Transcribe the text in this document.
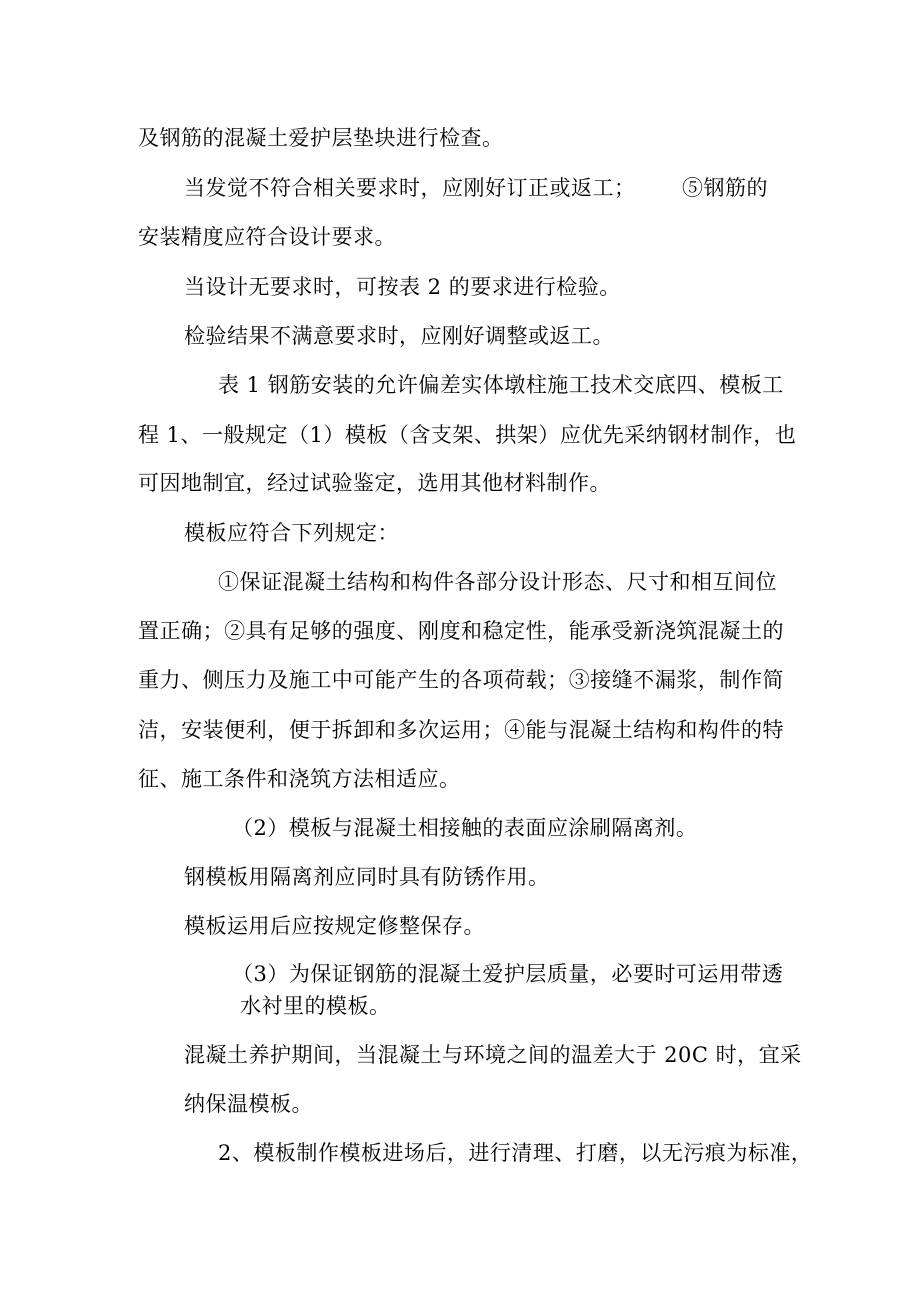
及钢筋的混凝土爱护层垫块进行检查。
当发觉不符合相关要求时，应刚好订正或返工； ⑤钢筋的
安装精度应符合设计要求。
当设计无要求时，可按表 2 的要求进行检验。
检验结果不满意要求时，应刚好调整或返工。
表 1 钢筋安装的允许偏差实体墩柱施工技术交底四、模板工
程 1、一般规定（1）模板（含支架、拱架）应优先采纳钢材制作，也
可因地制宜，经过试验鉴定，选用其他材料制作。
模板应符合下列规定：
①保证混凝土结构和构件各部分设计形态、尺寸和相互间位
置正确；②具有足够的强度、刚度和稳定性，能承受新浇筑混凝土的
重力、侧压力及施工中可能产生的各项荷载；③接缝不漏浆，制作简
洁，安装便利，便于拆卸和多次运用；④能与混凝土结构和构件的特
征、施工条件和浇筑方法相适应。
（2）模板与混凝土相接触的表面应涂刷隔离剂。
钢模板用隔离剂应同时具有防锈作用。
模板运用后应按规定修整保存。
（3）为保证钢筋的混凝土爱护层质量，必要时可运用带透
水衬里的模板。
混凝土养护期间，当混凝土与环境之间的温差大于 20C 时，宜采
纳保温模板。
2、模板制作模板进场后，进行清理、打磨，以无污痕为标准，
